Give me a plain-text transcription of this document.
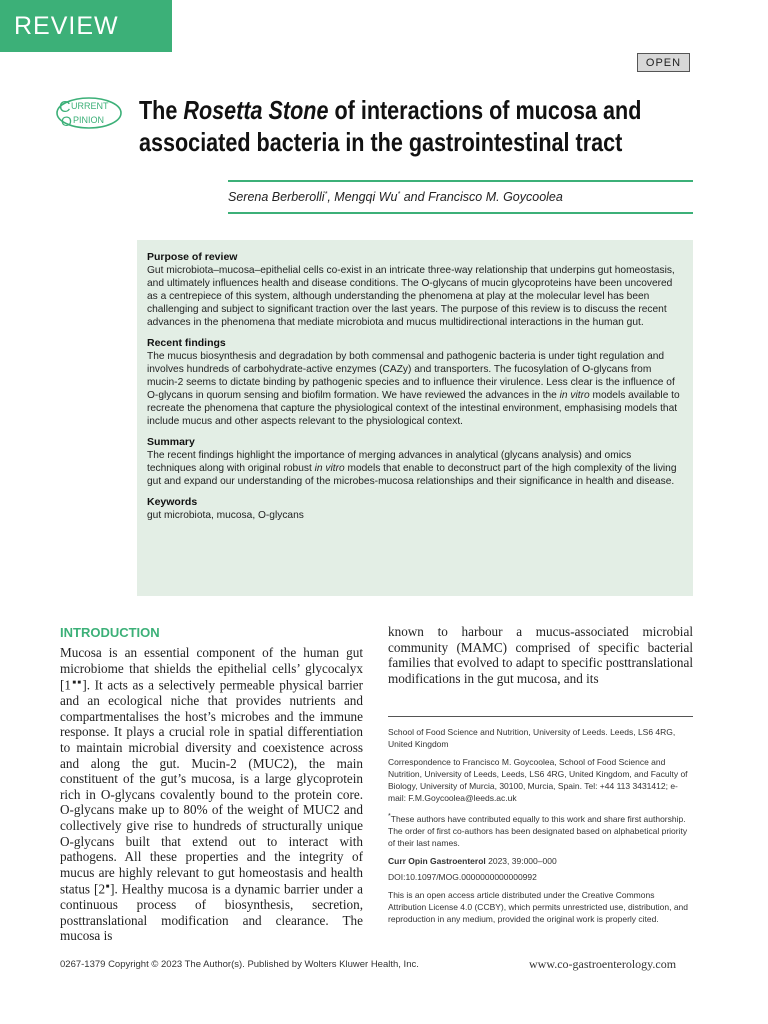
REVIEW
OPEN
C URRENT
O PINION The Rosetta Stone of interactions of mucosa and
associated bacteria in the gastrointestinal tract
Serena Berberolli*, Mengqi Wu* and Francisco M. Goycoolea
Purpose of review

Gut microbiota–mucosa–epithelial cells co-exist in an intricate three-way relationship that underpins gut homeostasis, and ultimately influences health and disease conditions. The O-glycans of mucin glycoproteins have been uncovered as a centrepiece of this system, although understanding the phenomena at play at the molecular level has been challenging and subject to significant traction over the last years. The purpose of this review is to discuss the recent advances in the phenomena that mediate microbiota and mucus multidirectional interactions in the human gut.

Recent findings

The mucus biosynthesis and degradation by both commensal and pathogenic bacteria is under tight regulation and involves hundreds of carbohydrate-active enzymes (CAZy) and transporters. The fucosylation of O-glycans from mucin-2 seems to dictate binding by pathogenic species and to influence their virulence. Less clear is the influence of O-glycans in quorum sensing and biofilm formation. We have reviewed the advances in the in vitro models available to recreate the phenomena that capture the physiological context of the intestinal environment, emphasising models that include mucus and other aspects relevant to the physiological context.

Summary

The recent findings highlight the importance of merging advances in analytical (glycans analysis) and omics techniques along with original robust in vitro models that enable to deconstruct part of the high complexity of the living gut and expand our understanding of the microbes-mucosa relationships and their significance in health and disease.

Keywords

gut microbiota, mucosa, O-glycans

INTRODUCTION

Mucosa is an essential component of the human gut microbiome that shields the epithelial cells’ glycocalyx [1■■]. It acts as a selectively permeable physical barrier and an ecological niche that provides nutrients and compartmentalises the host’s microbes and the immune response. It plays a crucial role in spatial differentiation to maintain microbial diversity and coexistence across and along the gut. Mucin-2 (MUC2), the main constituent of the gut’s mucosa, is a large glycoprotein rich in O-glycans covalently bound to the protein core. O-glycans make up to 80% of the weight of MUC2 and collectively give rise to hundreds of structurally unique O-glycans built that extend out to interact with pathogens. All these properties and the integrity of mucus are highly relevant to gut homeostasis and health status [2■]. Healthy mucosa is a dynamic barrier under a continuous process of biosynthesis, secretion, posttranslational modification and clearance. The mucosa is

known to harbour a mucus-associated microbial community (MAMC) comprised of specific bacterial families that evolved to adapt to specific posttranslational modifications in the gut mucosa, and its

School of Food Science and Nutrition, University of Leeds. Leeds, LS6 4RG, United Kingdom

Correspondence to Francisco M. Goycoolea, School of Food Science and Nutrition, University of Leeds, Leeds, LS6 4RG, United Kingdom, and Faculty of Biology, University of Murcia, 30100, Murcia, Spain. Tel: +44 113 3431412; e-mail: F.M.Goycoolea@leeds.ac.uk

*These authors have contributed equally to this work and share first authorship. The order of first co-authors has been designated based on alphabetical priority of their last names.

Curr Opin Gastroenterol 2023, 39:000–000

DOI:10.1097/MOG.0000000000000992

This is an open access article distributed under the Creative Commons Attribution License 4.0 (CCBY), which permits unrestricted use, distribution, and reproduction in any medium, provided the original work is properly cited.

0267-1379 Copyright © 2023 The Author(s). Published by Wolters Kluwer Health, Inc.	www.co-gastroenterology.com
